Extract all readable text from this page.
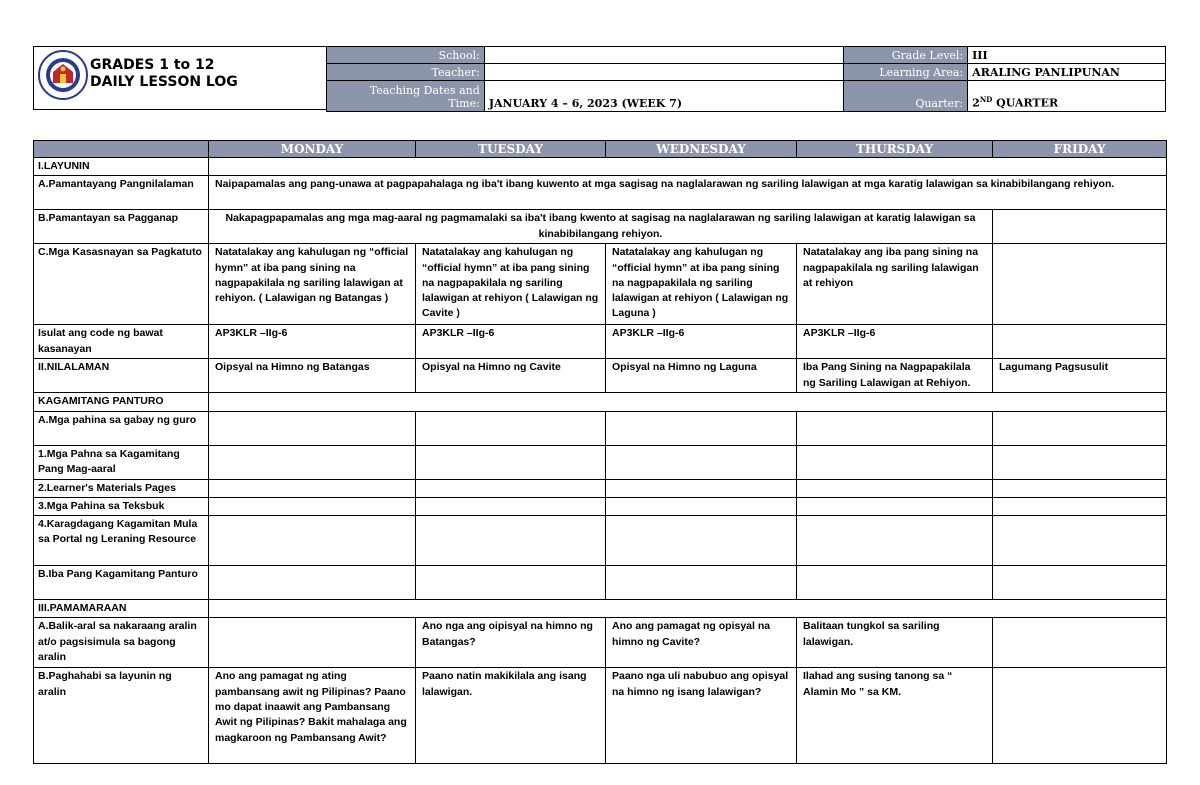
GRADES 1 to 12
DAILY LESSON LOG
School:		Grade Level:	III
Teacher:		Learning Area:	ARALING PANLIPUNAN

Teaching Dates and
Time:	JANUARY 4 – 6, 2023 (WEEK 7)	Quarter:	2ND QUARTER
	MONDAY	TUESDAY	WEDNESDAY	THURSDAY	FRIDAY
I.LAYUNIN					
A.Pamantayang Pangnilalaman	Naipapamalas ang pang-unawa at pagpapahalaga ng iba't ibang kuwento at mga sagisag na naglalarawan ng sariling lalawigan at mga karatig lalawigan sa kinabibilangang rehiyon.				
B.Pamantayan sa Pagganap	Nakapagpapamalas ang mga mag-aaral ng pagmamalaki sa iba't ibang kwento at sagisag na naglalarawan ng sariling lalawigan at karatig lalawigan sa kinabibilangang rehiyon.				
C.Mga Kasasnayan sa Pagkatuto	Natatalakay ang kahulugan ng “official hymn” at iba pang sining na nagpapakilala ng sariling lalawigan at rehiyon. ( Lalawigan ng Batangas )	Natatalakay ang kahulugan ng “official hymn” at iba pang sining na nagpapakilala ng sariling lalawigan at rehiyon ( Lalawigan ng Cavite )	Natatalakay ang kahulugan ng “official hymn” at iba pang sining na nagpapakilala ng sariling lalawigan at rehiyon ( Lalawigan ng Laguna )	Natatalakay ang iba pang sining na nagpapakilala ng sariling lalawigan at rehiyon	
Isulat ang code ng bawat kasanayan	AP3KLR –IIg-6	AP3KLR –IIg-6	AP3KLR –IIg-6	AP3KLR –IIg-6	
II.NILALAMAN	Oipsyal na Himno ng Batangas	Opisyal na Himno ng Cavite	Opisyal na Himno ng Laguna	Iba Pang Sining na Nagpapakilala ng Sariling Lalawigan at Rehiyon.	Lagumang Pagsusulit
KAGAMITANG PANTURO					
A.Mga pahina sa gabay ng guro					
1.Mga Pahna sa Kagamitang Pang Mag-aaral					
2.Learner's Materials Pages					
3.Mga Pahina sa Teksbuk					
4.Karagdagang Kagamitan Mula sa Portal ng Leraning Resource					
B.Iba Pang Kagamitang Panturo					
III.PAMAMARAAN					
A.Balik-aral sa nakaraang aralin at/o pagsisimula sa bagong aralin		Ano nga ang oipisyal na himno ng Batangas?	Ano ang pamagat ng opisyal na himno ng Cavite?	Balitaan tungkol sa sariling lalawigan.	
B.Paghahabi sa layunin ng aralin	Ano ang pamagat ng ating pambansang awit ng Pilipinas? Paano mo dapat inaawit ang Pambansang Awit ng Pilipinas? Bakit mahalaga ang magkaroon ng Pambansang Awit?	Paano natin makikilala ang isang lalawigan.	Paano nga uli nabubuo ang opisyal na himno ng isang lalawigan?	Ilahad ang susing tanong sa “ Alamin Mo ” sa KM.	
